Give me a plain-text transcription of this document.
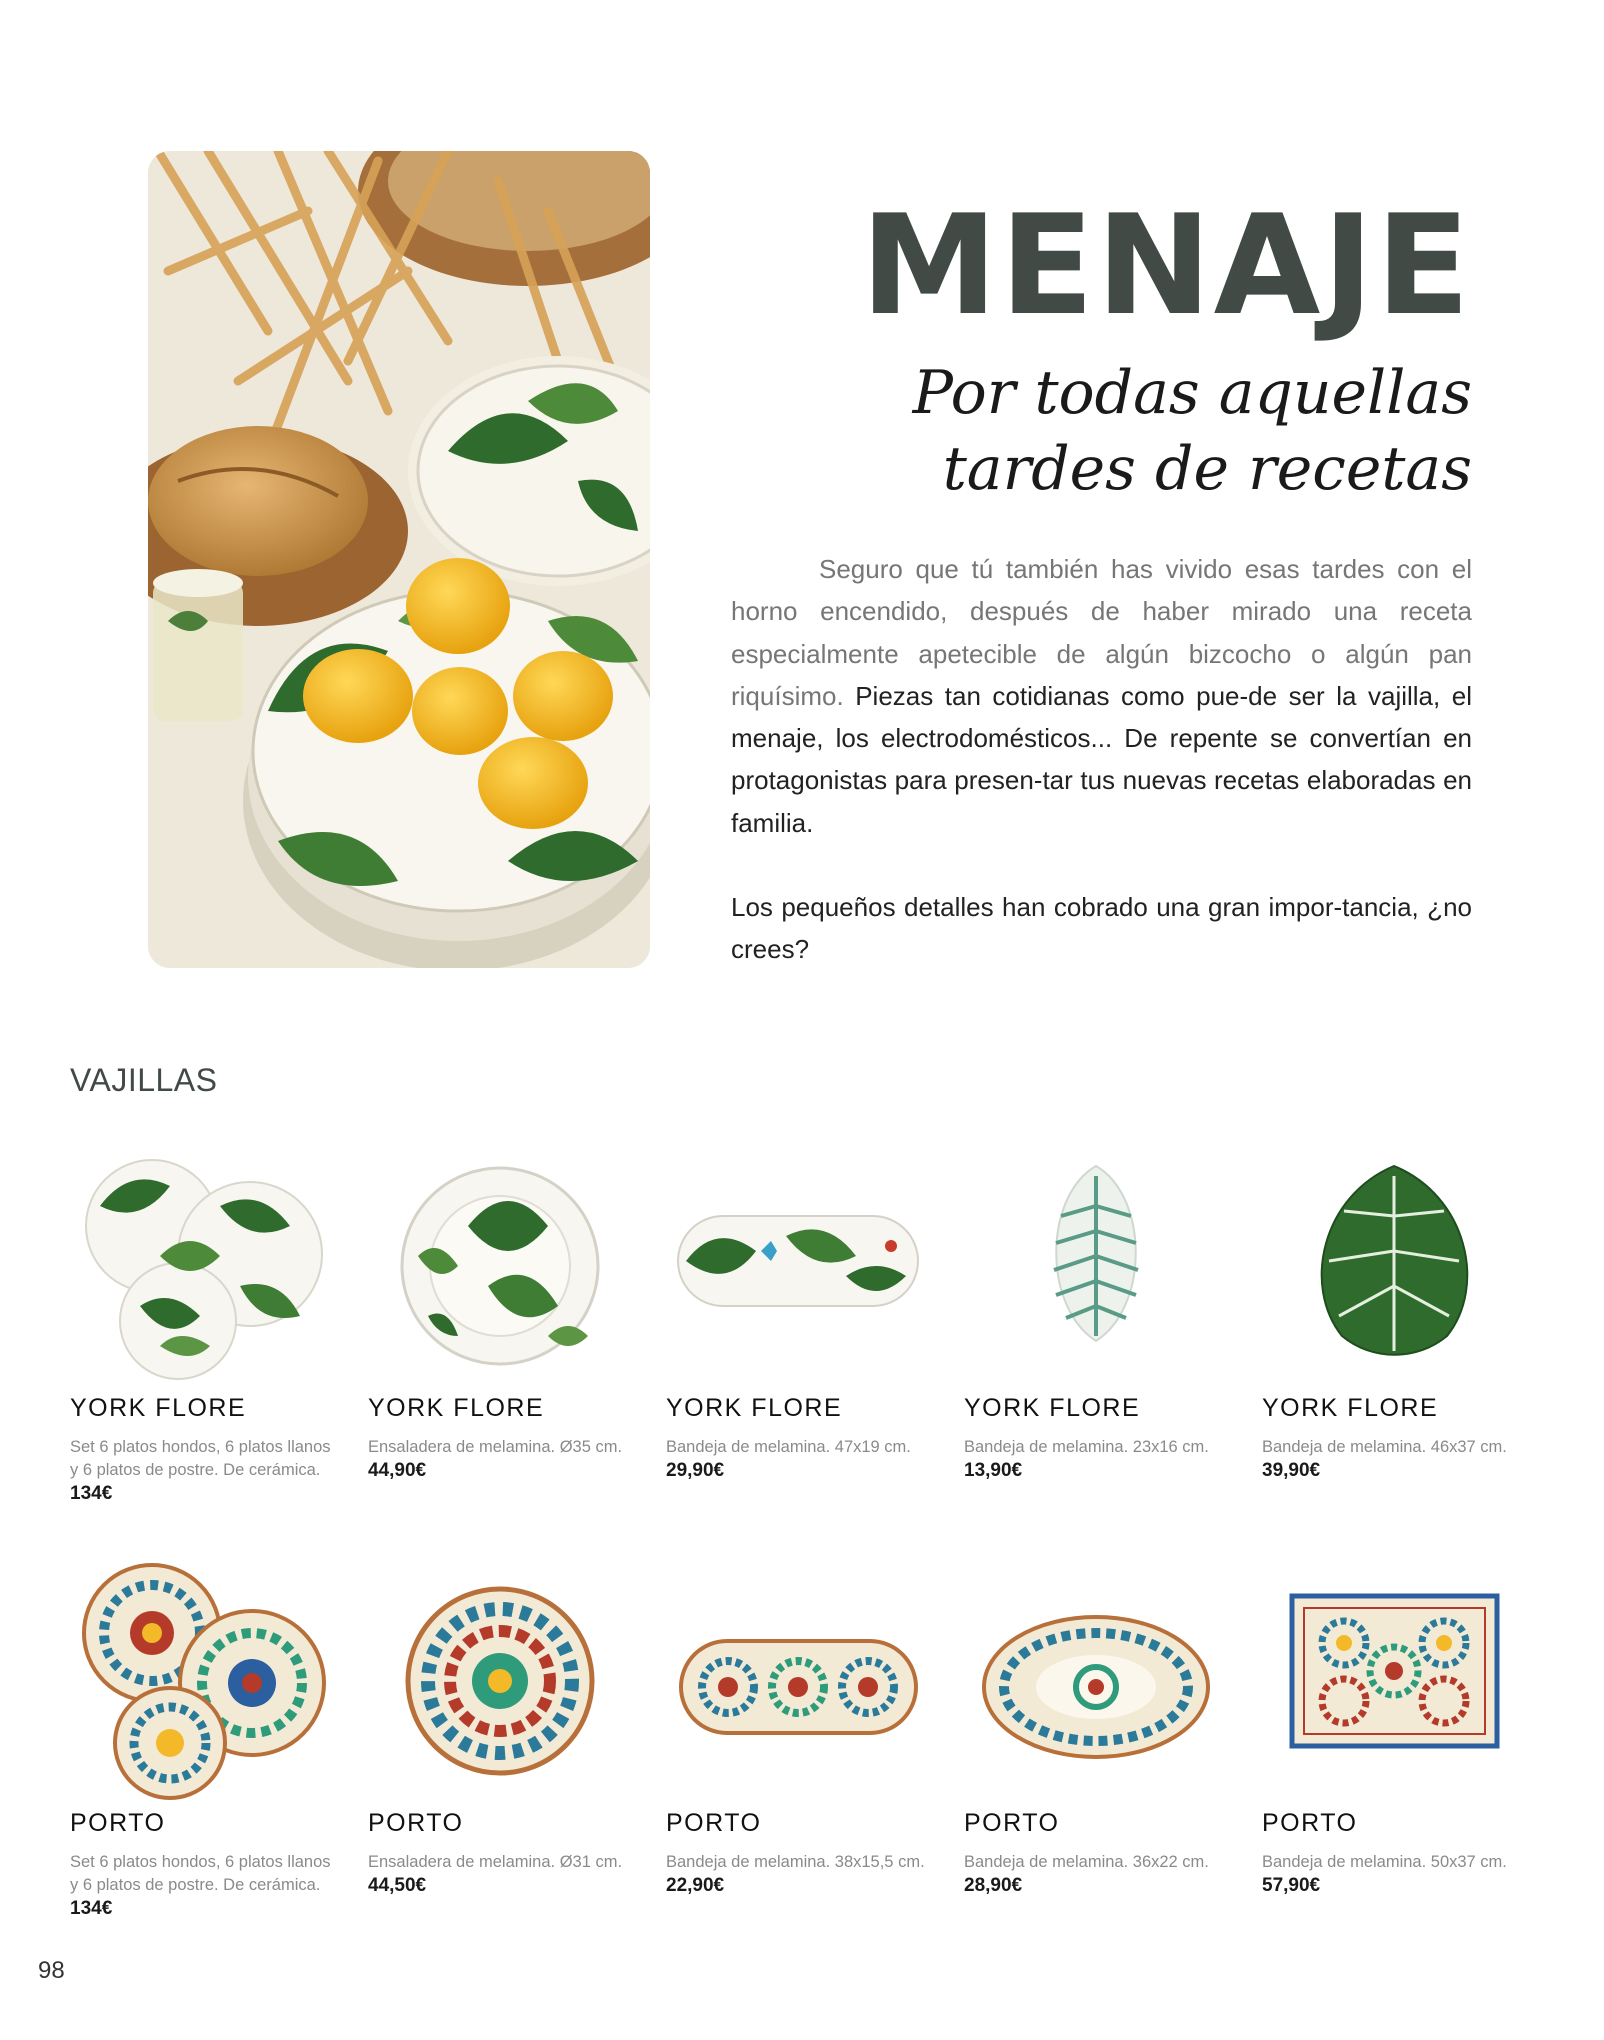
MENAJE
Por todas aquellas
tardes de recetas

Seguro que tú también has vivido esas tardes con el horno encendido, después de haber mirado una receta especialmente apetecible de algún bizcocho o algún pan riquísimo. Piezas tan cotidianas como pue-de ser la vajilla, el menaje, los electrodomésticos... De repente se convertían en protagonistas para presen-tar tus nuevas recetas elaboradas en familia.

Los pequeños detalles han cobrado una gran impor-tancia, ¿no crees?

VAJILLAS
YORK FLORE

Set 6 platos hondos, 6 platos llanos y 6 platos de postre. De cerámica. 134€

YORK FLORE

Ensaladera de melamina. Ø35 cm. 44,90€

YORK FLORE

Bandeja de melamina. 47x19 cm. 29,90€

YORK FLORE

Bandeja de melamina. 23x16 cm. 13,90€

YORK FLORE

Bandeja de melamina. 46x37 cm. 39,90€

PORTO

Set 6 platos hondos, 6 platos llanos y 6 platos de postre. De cerámica. 134€

PORTO

Ensaladera de melamina. Ø31 cm. 44,50€

PORTO

Bandeja de melamina. 38x15,5 cm. 22,90€

PORTO

Bandeja de melamina. 36x22 cm. 28,90€

PORTO

Bandeja de melamina. 50x37 cm. 57,90€

98
